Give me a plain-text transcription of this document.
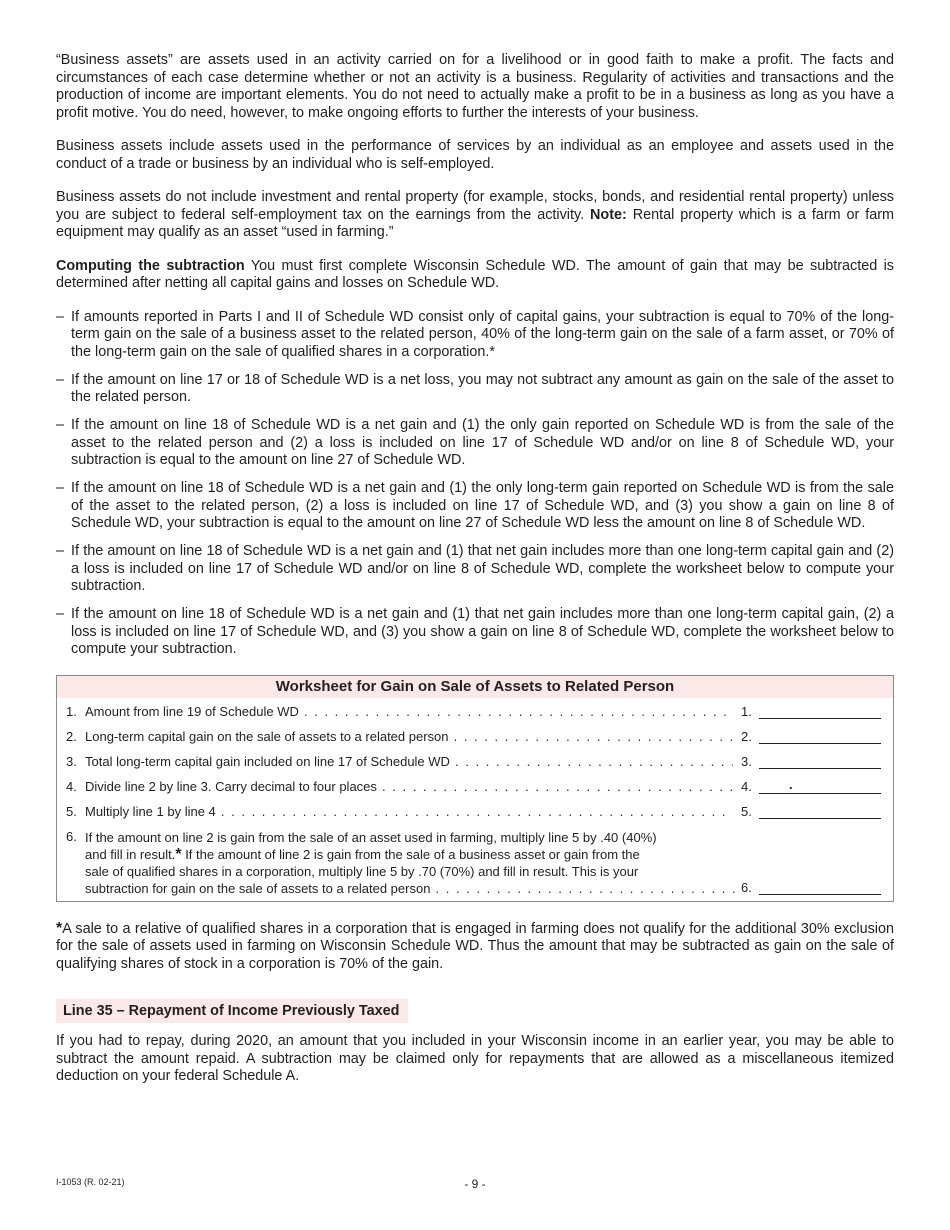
“Business assets” are assets used in an activity carried on for a livelihood or in good faith to make a profit. The facts and circumstances of each case determine whether or not an activity is a business. Regularity of activities and transactions and the production of income are important elements. You do not need to actually make a profit to be in a business as long as you have a profit motive. You do need, however, to make ongoing efforts to further the interests of your business.

Business assets include assets used in the performance of services by an individual as an employee and assets used in the conduct of a trade or business by an individual who is self-employed.

Business assets do not include investment and rental property (for example, stocks, bonds, and residential rental property) unless you are subject to federal self-employment tax on the earnings from the activity. Note: Rental property which is a farm or farm equipment may qualify as an asset “used in farming.”

Computing the subtraction You must first complete Wisconsin Schedule WD. The amount of gain that may be subtracted is determined after netting all capital gains and losses on Schedule WD.

– If amounts reported in Parts I and II of Schedule WD consist only of capital gains, your subtraction is equal to 70% of the long-term gain on the sale of a business asset to the related person, 40% of the long-term gain on the sale of a farm asset, or 70% of the long-term gain on the sale of qualified shares in a corporation.*
– If the amount on line 17 or 18 of Schedule WD is a net loss, you may not subtract any amount as gain on the sale of the asset to the related person.
– If the amount on line 18 of Schedule WD is a net gain and (1) the only gain reported on Schedule WD is from the sale of the asset to the related person and (2) a loss is included on line 17 of Schedule WD and/or on line 8 of Schedule WD, your subtraction is equal to the amount on line 27 of Schedule WD.
– If the amount on line 18 of Schedule WD is a net gain and (1) the only long-term gain reported on Schedule WD is from the sale of the asset to the related person, (2) a loss is included on line 17 of Schedule WD, and (3) you show a gain on line 8 of Schedule WD, your subtraction is equal to the amount on line 27 of Schedule WD less the amount on line 8 of Schedule WD.
– If the amount on line 18 of Schedule WD is a net gain and (1) that net gain includes more than one long-term capital gain and (2) a loss is included on line 17 of Schedule WD and/or on line 8 of Schedule WD, complete the worksheet below to compute your subtraction.
– If the amount on line 18 of Schedule WD is a net gain and (1) that net gain includes more than one long-term capital gain, (2) a loss is included on line 17 of Schedule WD, and (3) you show a gain on line 8 of Schedule WD, complete the worksheet below to compute your subtraction.
Worksheet for Gain on Sale of Assets to Related Person
1. Amount from line 19 of Schedule WD . . .	1.
2. Long-term capital gain on the sale of assets to a related person . . .	2.
3. Total long-term capital gain included on line 17 of Schedule WD . . .	3.
4. Divide line 2 by line 3. Carry decimal to four places . . .	4.	.
5. Multiply line 1 by line 4 . . .	5.
6. If the amount on line 2 is gain from the sale of an asset used in farming, multiply line 5 by .40 (40%)
and fill in result.* If the amount of line 2 is gain from the sale of a business asset or gain from the
sale of qualified shares in a corporation, multiply line 5 by .70 (70%) and fill in result. This is your
subtraction for gain on the sale of assets to a related person . . .	6.

*A sale to a relative of qualified shares in a corporation that is engaged in farming does not qualify for the additional 30% exclusion for the sale of assets used in farming on Wisconsin Schedule WD. Thus the amount that may be subtracted as gain on the sale of qualifying shares of stock in a corporation is 70% of the gain.

Line 35 – Repayment of Income Previously Taxed

If you had to repay, during 2020, an amount that you included in your Wisconsin income in an earlier year, you may be able to subtract the amount repaid. A subtraction may be claimed only for repayments that are allowed as a miscellaneous itemized deduction on your federal Schedule A.

I-1053 (R. 02-21)	- 9 -
